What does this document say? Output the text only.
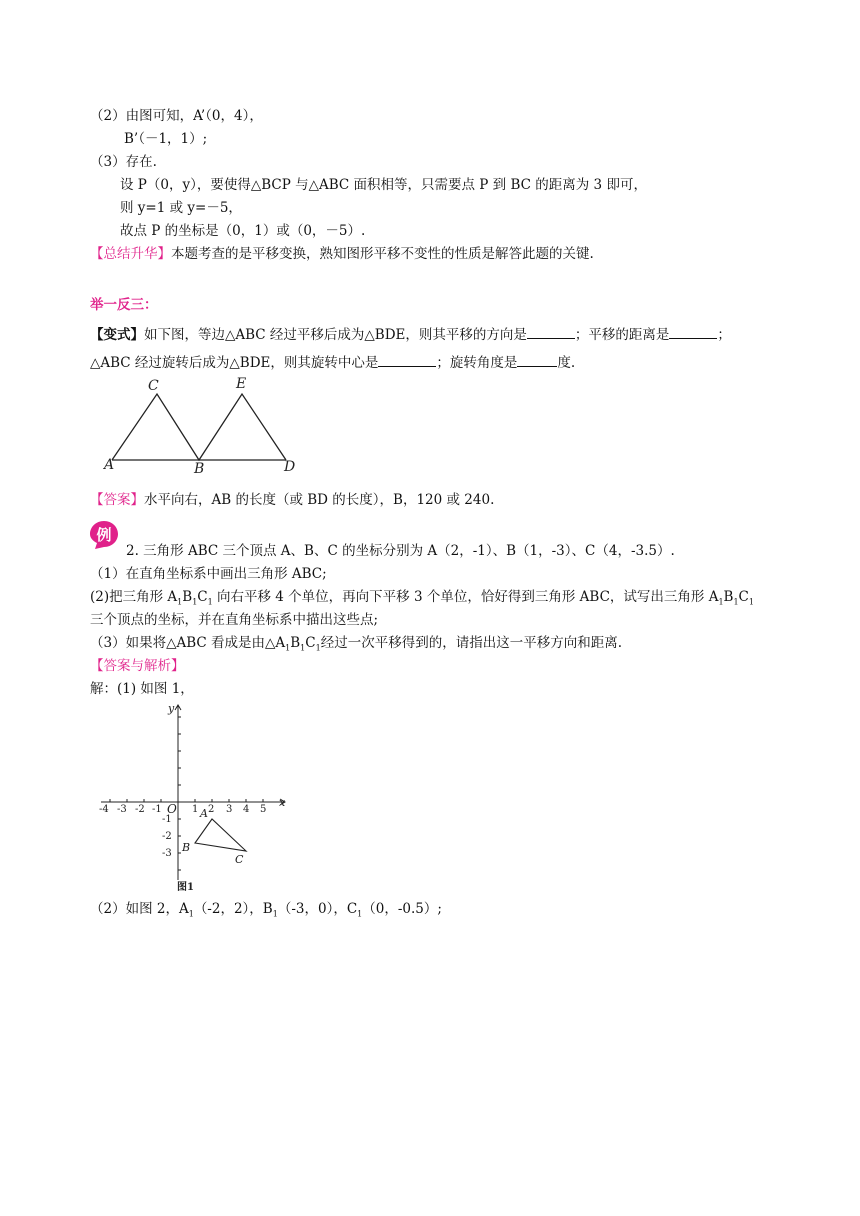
（2）由图可知，A’（0，4），
B’（－1，1）;
（3）存在.
设 P（0，y），要使得△BCP 与△ABC 面积相等，只需要点 P 到 BC 的距离为 3 即可，
则 y=1 或 y=－5，
故点 P 的坐标是（0，1）或（0，－5）.
【总结升华】本题考查的是平移变换，熟知图形平移不变性的性质是解答此题的关键.
举一反三：
【变式】如下图，等边△ABC 经过平移后成为△BDE，则其平移的方向是	；平移的距离是	；
△ABC 经过旋转后成为△BDE，则其旋转中心是	；旋转角度是	度.
A
C
B
E
D
【答案】水平向右，AB 的长度（或 BD 的长度），B，120 或 240.
例
2. 三角形 ABC 三个顶点 A、B、C 的坐标分别为 A（2，-1）、B（1，-3）、C（4，-3.5）.
（1）在直角坐标系中画出三角形 ABC;
(2)把三角形 $A_1B_1C_1$ 向右平移 4 个单位，再向下平移 3 个单位，恰好得到三角形 ABC，试写出三角形 $A_1B_1C_1$
三个顶点的坐标，并在直角坐标系中描出这些点;
（3）如果将△ABC 看成是由$\triangle A_1B_1C_1$经过一次平移得到的，请指出这一平移方向和距离.
【答案与解析】
解：(1) 如图 1，
-4 -3 -2 -1	1 2 3 4 5
-1
-2
-3
O	x
y
A
B
C
图1
（2）如图 2，$A_1(-2$，2），$B_1(-3$，0），$C_1(0$，-0.5）;
